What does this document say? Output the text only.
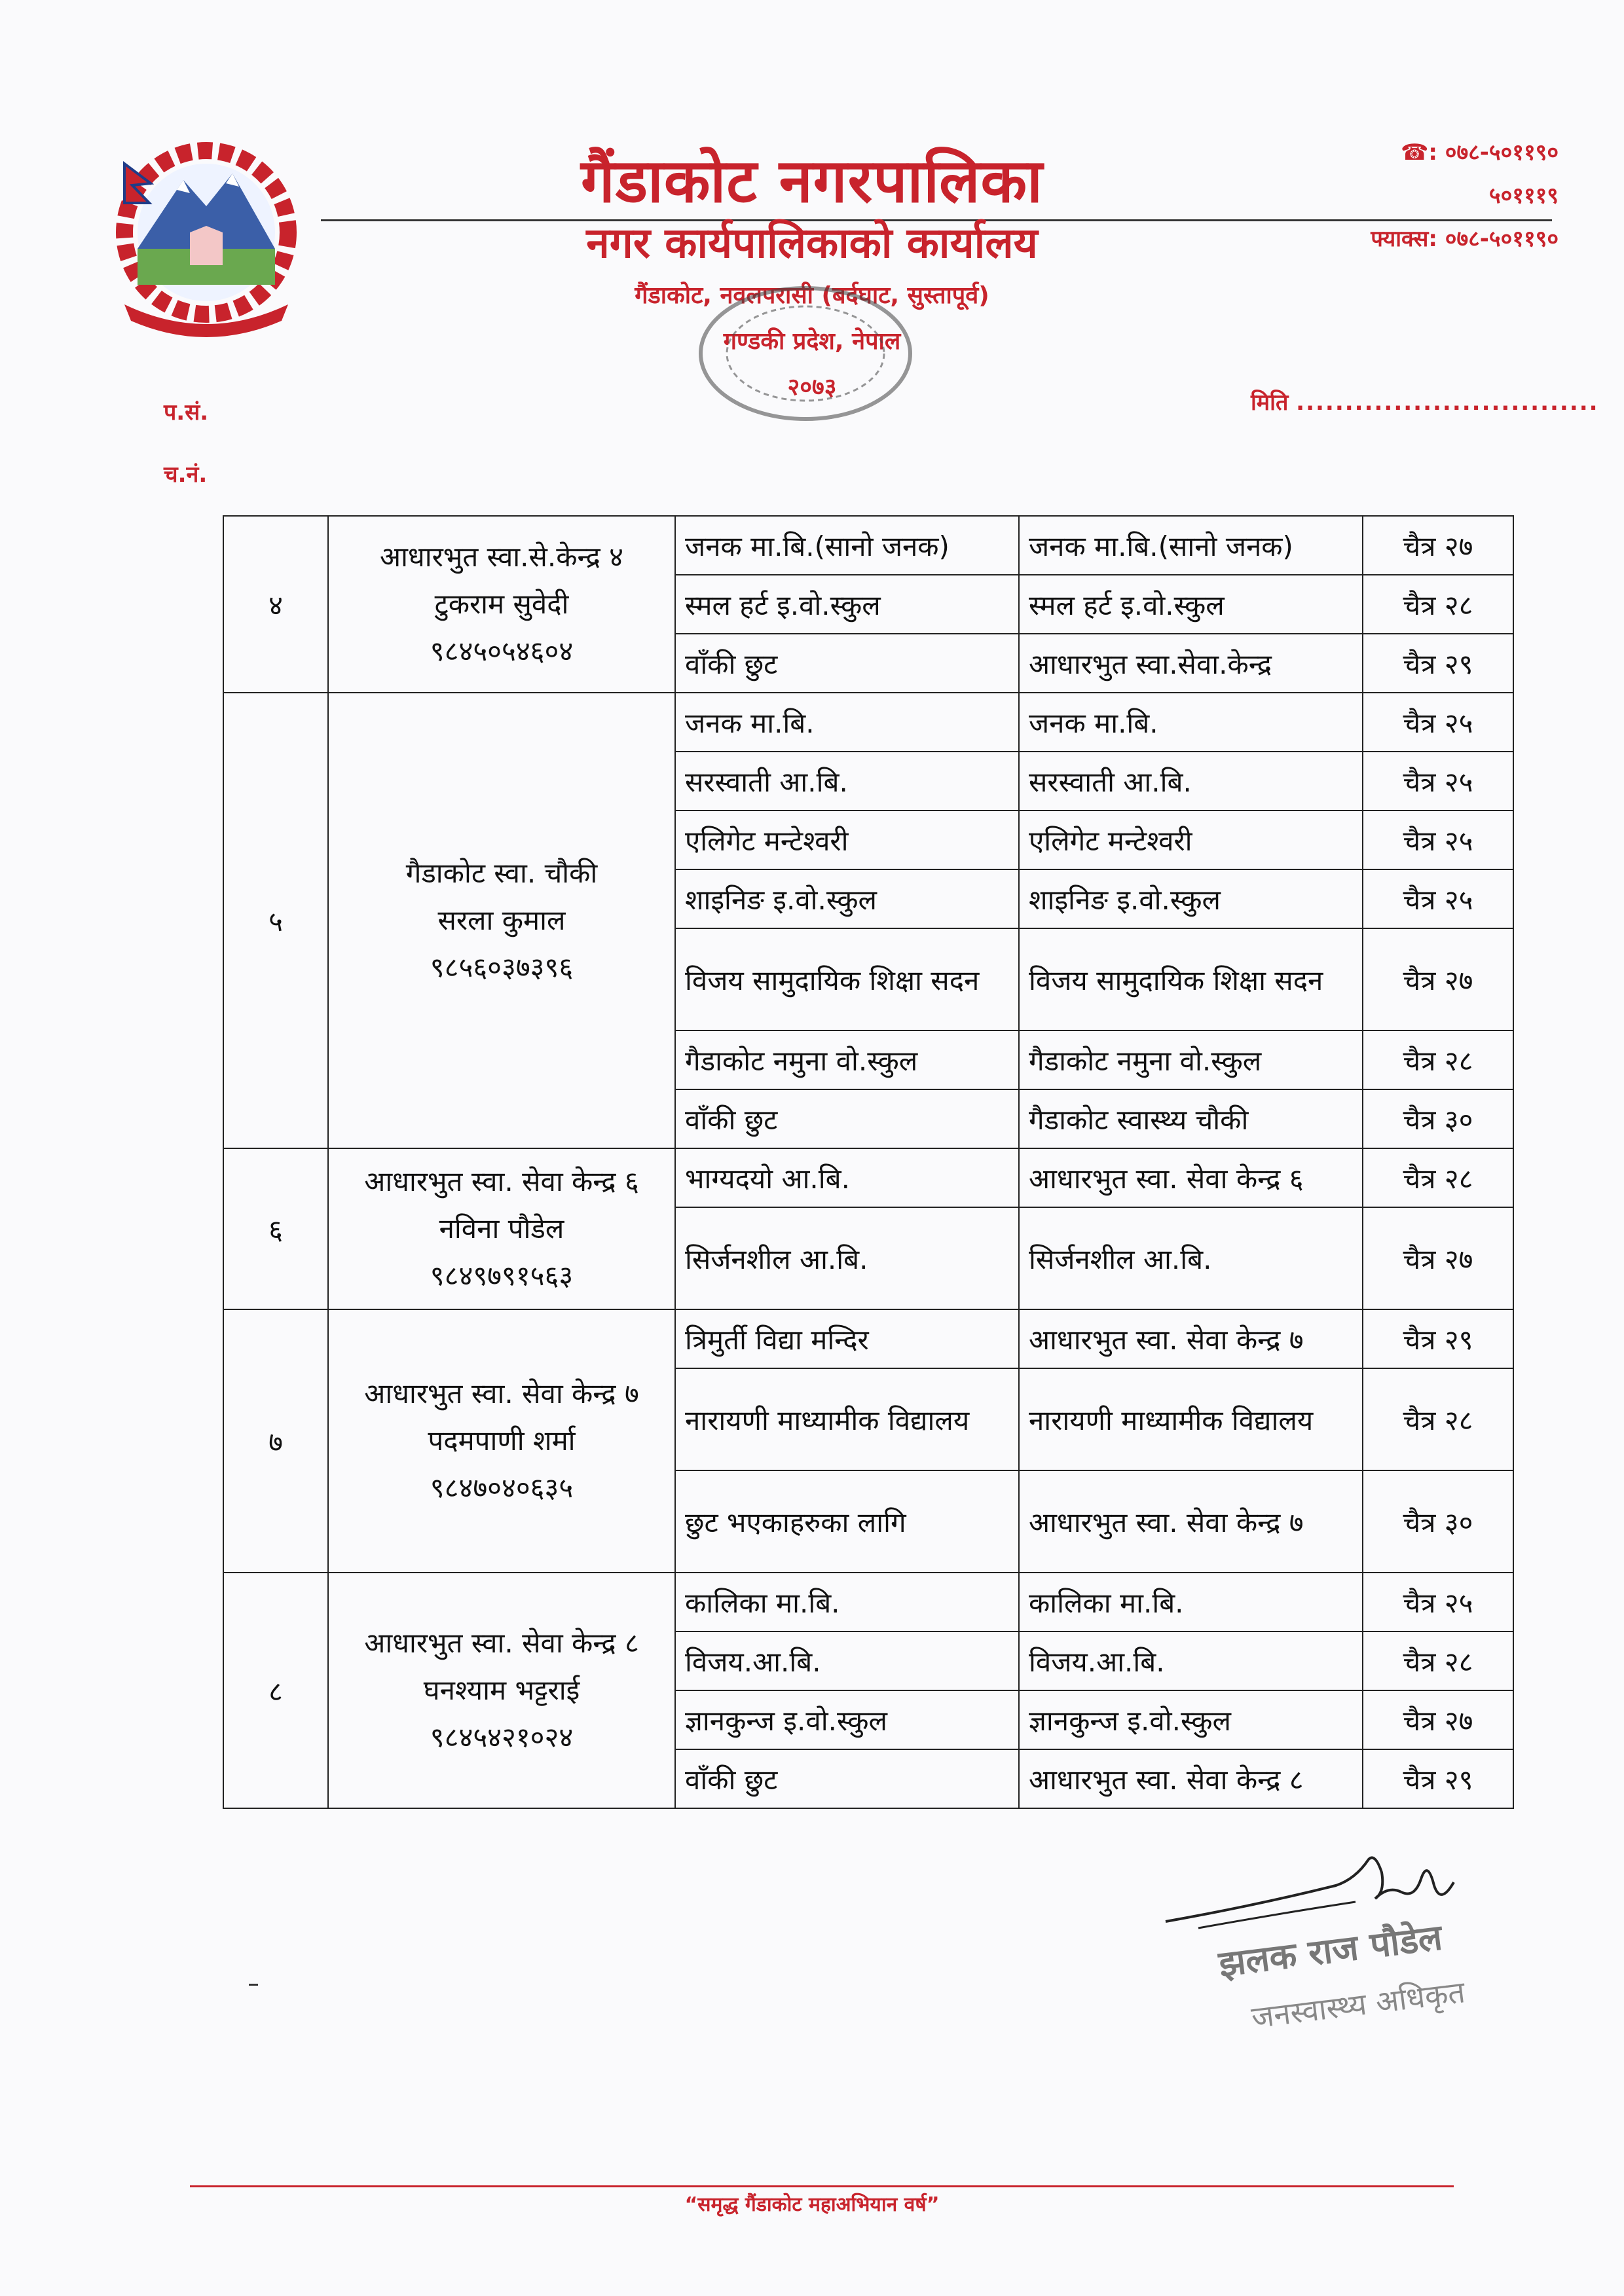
गैंडाकोट नगरपालिका
नगर कार्यपालिकाको कार्यालय
गैंडाकोट, नवलपरासी (बर्दघाट, सुस्तापूर्व)
गण्डकी प्रदेश, नेपाल
२०७३
☎: ०७८-५०११९०
५०१११९
फ्याक्स: ०७८-५०११९०
प.सं.
च.नं.
मिति ...............................
४	आधारभुत स्वा.से.केन्द्र ४
टुकराम सुवेदी
९८४५०५४६०४	जनक मा.बि.(सानो जनक)	जनक मा.बि.(सानो जनक)	चैत्र २७
		स्मल हर्ट इ.वो.स्कुल	स्मल हर्ट इ.वो.स्कुल	चैत्र २८
		वाँकी छुट	आधारभुत स्वा.सेवा.केन्द्र	चैत्र २९
५	गैडाकोट स्वा. चौकी
सरला कुमाल
९८५६०३७३९६	जनक मा.बि.	जनक मा.बि.	चैत्र २५
		सरस्वाती आ.बि.	सरस्वाती आ.बि.	चैत्र २५
		एलिगेट मन्टेश्वरी	एलिगेट मन्टेश्वरी	चैत्र २५
		शाइनिङ इ.वो.स्कुल	शाइनिङ इ.वो.स्कुल	चैत्र २५
		विजय सामुदायिक शिक्षा सदन	विजय सामुदायिक शिक्षा सदन	चैत्र २७
		गैडाकोट नमुना वो.स्कुल	गैडाकोट नमुना वो.स्कुल	चैत्र २८
		वाँकी छुट	गैडाकोट स्वास्थ्य चौकी	चैत्र ३०
६	आधारभुत स्वा. सेवा केन्द्र ६
नविना पौडेल
९८४९७९१५६३	भाग्यदयो आ.बि.	आधारभुत स्वा. सेवा केन्द्र ६	चैत्र २८
		सिर्जनशील आ.बि.	सिर्जनशील आ.बि.	चैत्र २७
७	आधारभुत स्वा. सेवा केन्द्र ७
पदमपाणी शर्मा
९८४७०४०६३५	त्रिमुर्ती विद्या मन्दिर	आधारभुत स्वा. सेवा केन्द्र ७	चैत्र २९
		नारायणी माध्यामीक विद्यालय	नारायणी माध्यामीक विद्यालय	चैत्र २८
		छुट भएकाहरुका लागि	आधारभुत स्वा. सेवा केन्द्र ७	चैत्र ३०
८	आधारभुत स्वा. सेवा केन्द्र ८
घनश्याम भट्टराई
९८४५४२१०२४	कालिका मा.बि.	कालिका मा.बि.	चैत्र २५
		विजय.आ.बि.	विजय.आ.बि.	चैत्र २८
		ज्ञानकुन्ज इ.वो.स्कुल	ज्ञानकुन्ज इ.वो.स्कुल	चैत्र २७
		वाँकी छुट	आधारभुत स्वा. सेवा केन्द्र ८	चैत्र २९
झलक राज पौडेल
जनस्वास्थ्य अधिकृत
“समृद्ध गैंडाकोट महाअभियान वर्ष”
